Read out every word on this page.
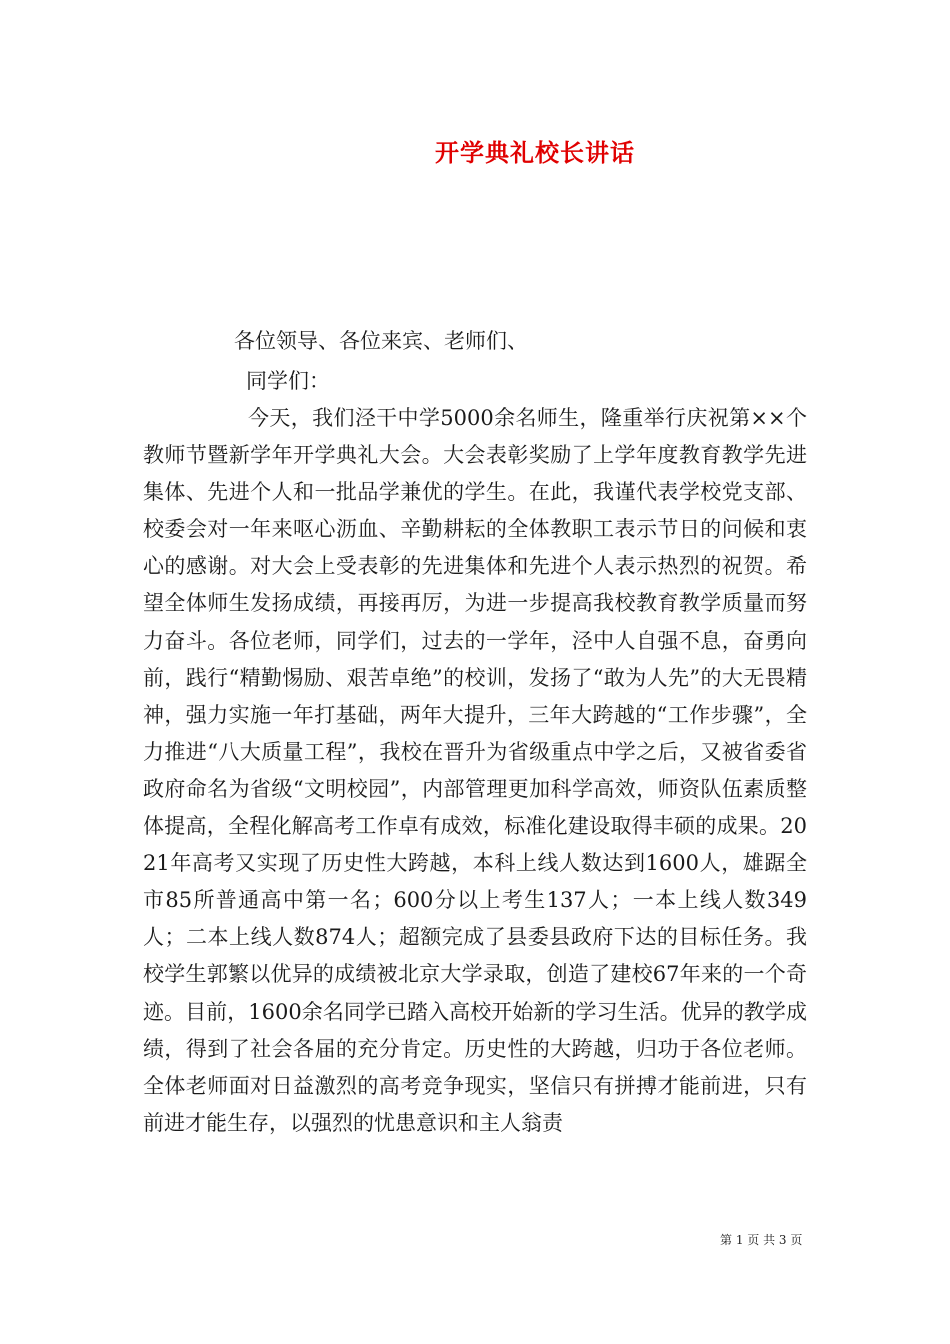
开学典礼校长讲话
各位领导、各位来宾、老师们、
同学们：
今天，我们泾干中学5000余名师生，隆重举行庆祝第××个教师节暨新学年开学典礼大会。大会表彰奖励了上学年度教育教学先进集体、先进个人和一批品学兼优的学生。在此，我谨代表学校党支部、校委会对一年来呕心沥血、辛勤耕耘的全体教职工表示节日的问候和衷心的感谢。对大会上受表彰的先进集体和先进个人表示热烈的祝贺。希望全体师生发扬成绩，再接再厉，为进一步提高我校教育教学质量而努力奋斗。各位老师，同学们，过去的一学年，泾中人自强不息，奋勇向前，践行“精勤惕励、艰苦卓绝”的校训，发扬了“敢为人先”的大无畏精神，强力实施一年打基础，两年大提升，三年大跨越的“工作步骤”，全力推进“八大质量工程”，我校在晋升为省级重点中学之后，又被省委省政府命名为省级“文明校园”，内部管理更加科学高效，师资队伍素质整体提高，全程化解高考工作卓有成效，标准化建设取得丰硕的成果。2021年高考又实现了历史性大跨越，本科上线人数达到1600人，雄踞全市85所普通高中第一名；600分以上考生137人；一本上线人数349人；二本上线人数874人；超额完成了县委县政府下达的目标任务。我校学生郭繁以优异的成绩被北京大学录取，创造了建校67年来的一个奇迹。目前，1600余名同学已踏入高校开始新的学习生活。优异的教学成绩，得到了社会各届的充分肯定。历史性的大跨越，归功于各位老师。全体老师面对日益激烈的高考竞争现实，坚信只有拼搏才能前进，只有前进才能生存，以强烈的忧患意识和主人翁责
第 1 页 共 3 页
